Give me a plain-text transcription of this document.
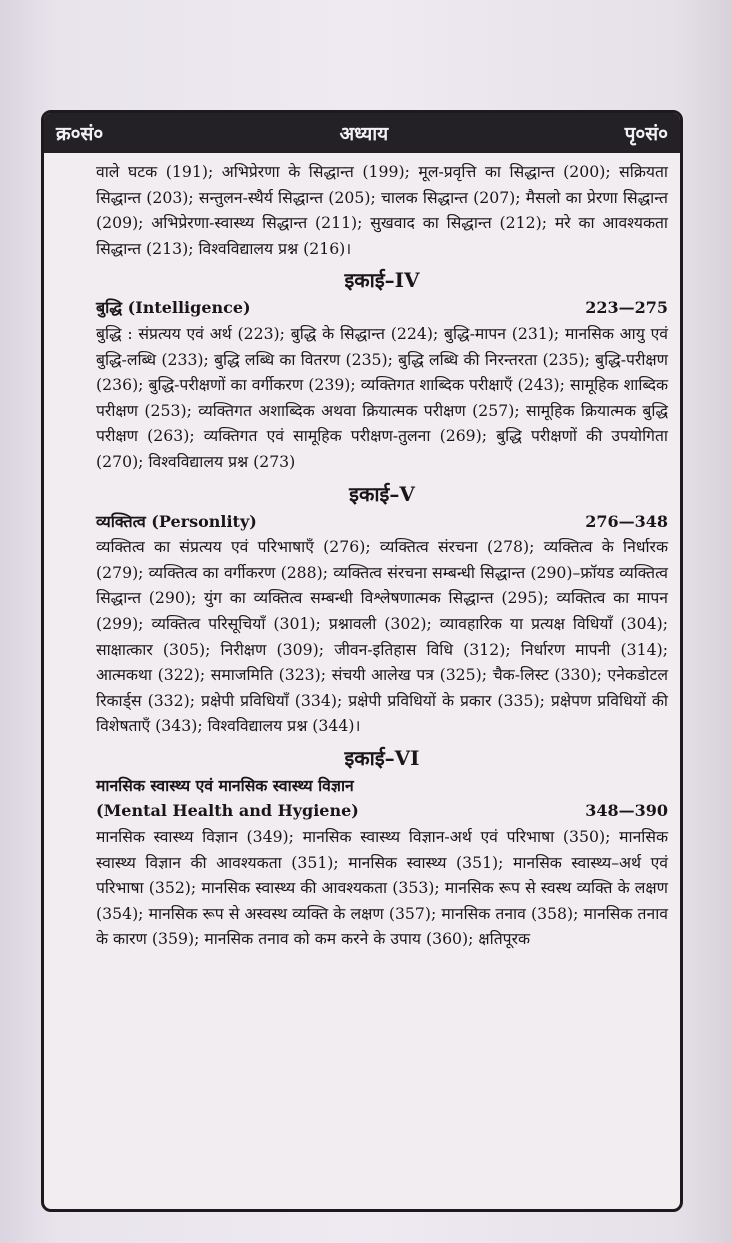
क्र०सं०	अध्याय	पृ०सं०

वाले घटक (191); अभिप्रेरणा के सिद्धान्त (199); मूल-प्रवृत्ति का सिद्धान्त (200); सक्रियता सिद्धान्त (203); सन्तुलन-स्थैर्य सिद्धान्त (205); चालक सिद्धान्त (207); मैसलो का प्रेरणा सिद्धान्त (209); अभिप्रेरणा-स्वास्थ्य सिद्धान्त (211); सुखवाद का सिद्धान्त (212); मरे का आवश्यकता सिद्धान्त (213); विश्वविद्यालय प्रश्न (216)।

इकाई–IV
बुद्धि (Intelligence)	223—275

बुद्धि : संप्रत्यय एवं अर्थ (223); बुद्धि के सिद्धान्त (224); बुद्धि-मापन (231); मानसिक आयु एवं बुद्धि-लब्धि (233); बुद्धि लब्धि का वितरण (235); बुद्धि लब्धि की निरन्तरता (235); बुद्धि-परीक्षण (236); बुद्धि-परीक्षणों का वर्गीकरण (239); व्यक्तिगत शाब्दिक परीक्षाएँ (243); सामूहिक शाब्दिक परीक्षण (253); व्यक्तिगत अशाब्दिक अथवा क्रियात्मक परीक्षण (257); सामूहिक क्रियात्मक बुद्धि परीक्षण (263); व्यक्तिगत एवं सामूहिक परीक्षण-तुलना (269); बुद्धि परीक्षणों की उपयोगिता (270); विश्वविद्यालय प्रश्न (273)

इकाई–V
व्यक्तित्व (Personlity)	276—348

व्यक्तित्व का संप्रत्यय एवं परिभाषाएँ (276); व्यक्तित्व संरचना (278); व्यक्तित्व के निर्धारक (279); व्यक्तित्व का वर्गीकरण (288); व्यक्तित्व संरचना सम्बन्धी सिद्धान्त (290)–फ्रॉयड व्यक्तित्व सिद्धान्त (290); युंग का व्यक्तित्व सम्बन्धी विश्लेषणात्मक सिद्धान्त (295); व्यक्तित्व का मापन (299); व्यक्तित्व परिसूचियाँ (301); प्रश्नावली (302); व्यावहारिक या प्रत्यक्ष विधियाँ (304); साक्षात्कार (305); निरीक्षण (309); जीवन-इतिहास विधि (312); निर्धारण मापनी (314); आत्मकथा (322); समाजमिति (323); संचयी आलेख पत्र (325); चैक-लिस्ट (330); एनेकडोटल रिकार्ड्स (332); प्रक्षेपी प्रविधियाँ (334); प्रक्षेपी प्रविधियों के प्रकार (335); प्रक्षेपण प्रविधियों की विशेषताएँ (343); विश्वविद्यालय प्रश्न (344)।

इकाई–VI
मानसिक स्वास्थ्य एवं मानसिक स्वास्थ्य विज्ञान
(Mental Health and Hygiene)	348—390

मानसिक स्वास्थ्य विज्ञान (349); मानसिक स्वास्थ्य विज्ञान-अर्थ एवं परिभाषा (350); मानसिक स्वास्थ्य विज्ञान की आवश्यकता (351); मानसिक स्वास्थ्य (351); मानसिक स्वास्थ्य–अर्थ एवं परिभाषा (352); मानसिक स्वास्थ्य की आवश्यकता (353); मानसिक रूप से स्वस्थ व्यक्ति के लक्षण (354); मानसिक रूप से अस्वस्थ व्यक्ति के लक्षण (357); मानसिक तनाव (358); मानसिक तनाव के कारण (359); मानसिक तनाव को कम करने के उपाय (360); क्षतिपूरक
